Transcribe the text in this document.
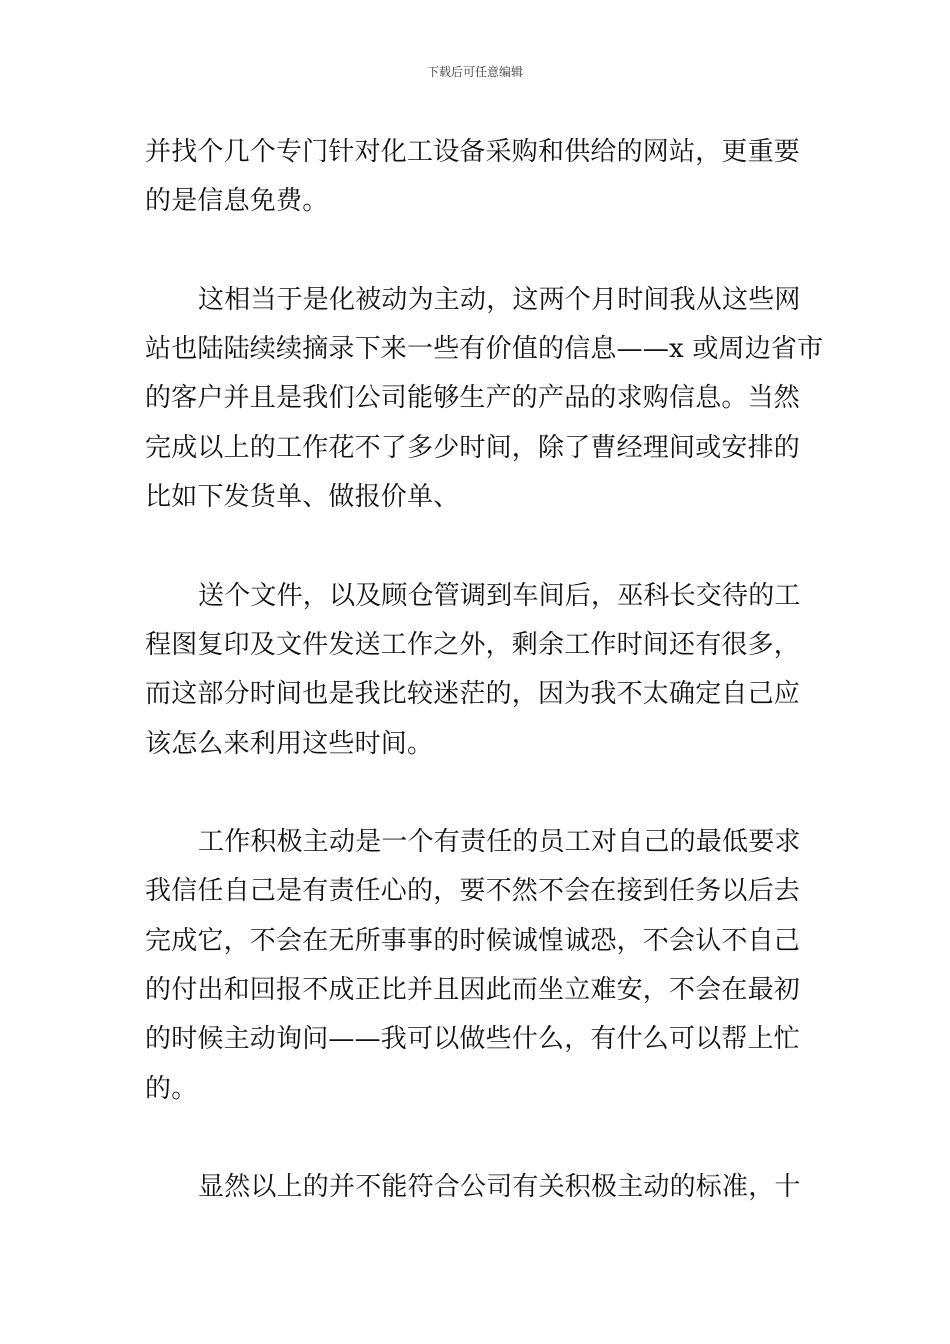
下载后可任意编辑
并找个几个专门针对化工设备采购和供给的网站，更重要
的是信息免费。
这相当于是化被动为主动，这两个月时间我从这些网
站也陆陆续续摘录下来一些有价值的信息——x 或周边省市
的客户并且是我们公司能够生产的产品的求购信息。当然
完成以上的工作花不了多少时间，除了曹经理间或安排的
比如下发货单、做报价单、
送个文件，以及顾仓管调到车间后，巫科长交待的工
程图复印及文件发送工作之外，剩余工作时间还有很多，
而这部分时间也是我比较迷茫的，因为我不太确定自己应
该怎么来利用这些时间。
工作积极主动是一个有责任的员工对自己的最低要求
我信任自己是有责任心的，要不然不会在接到任务以后去
完成它，不会在无所事事的时候诚惶诚恐，不会认不自己
的付出和回报不成正比并且因此而坐立难安，不会在最初
的时候主动询问——我可以做些什么，有什么可以帮上忙
的。
显然以上的并不能符合公司有关积极主动的标准，十
